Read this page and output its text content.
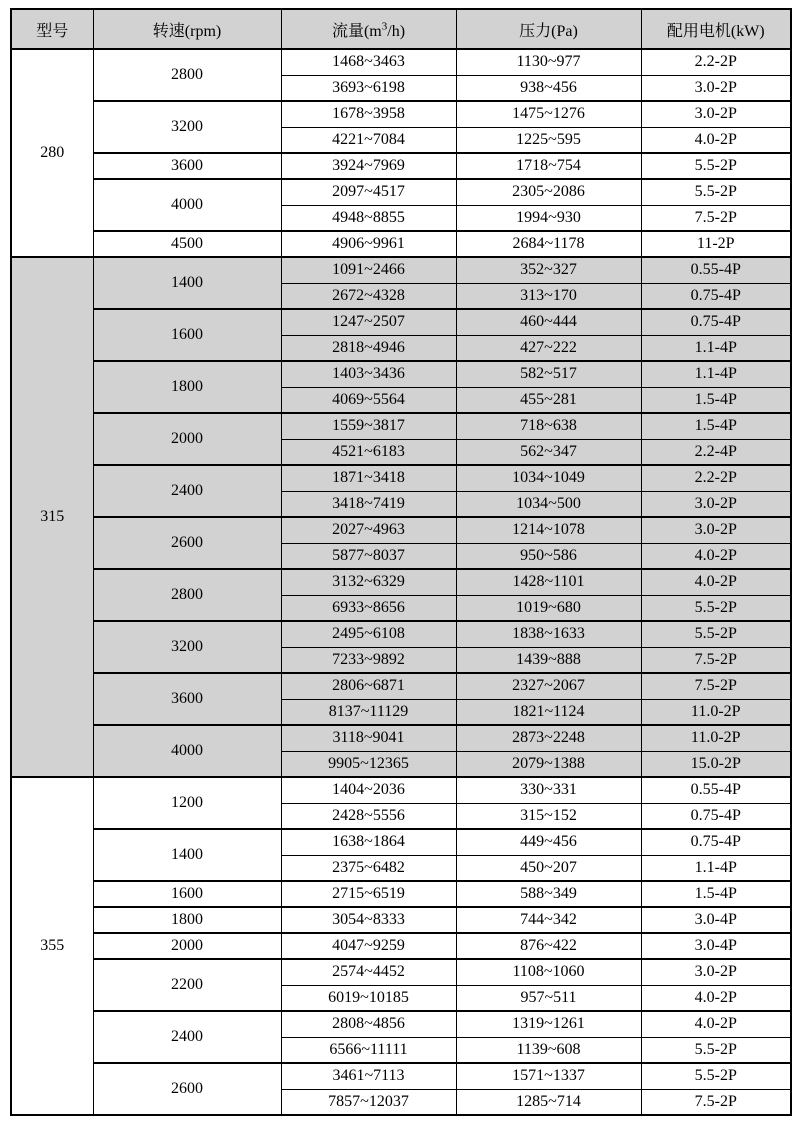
型号	转速(rpm)	流量$(m^3/h)$	压力(Pa)	配用电机(kW)
280	2800	1468~3463	1130~977	2.2-2P
		3693~6198	938~456	3.0-2P
	3200	1678~3958	1475~1276	3.0-2P
		4221~7084	1225~595	4.0-2P
	3600	3924~7969	1718~754	5.5-2P
	4000	2097~4517	2305~2086	5.5-2P
		4948~8855	1994~930	7.5-2P
	4500	4906~9961	2684~1178	11-2P
315	1400	1091~2466	352~327	0.55-4P
		2672~4328	313~170	0.75-4P
	1600	1247~2507	460~444	0.75-4P
		2818~4946	427~222	1.1-4P
	1800	1403~3436	582~517	1.1-4P
		4069~5564	455~281	1.5-4P
	2000	1559~3817	718~638	1.5-4P
		4521~6183	562~347	2.2-4P
	2400	1871~3418	1034~1049	2.2-2P
		3418~7419	1034~500	3.0-2P
	2600	2027~4963	1214~1078	3.0-2P
		5877~8037	950~586	4.0-2P
	2800	3132~6329	1428~1101	4.0-2P
		6933~8656	1019~680	5.5-2P
	3200	2495~6108	1838~1633	5.5-2P
		7233~9892	1439~888	7.5-2P
	3600	2806~6871	2327~2067	7.5-2P
		8137~11129	1821~1124	11.0-2P
	4000	3118~9041	2873~2248	11.0-2P
		9905~12365	2079~1388	15.0-2P
355	1200	1404~2036	330~331	0.55-4P
		2428~5556	315~152	0.75-4P
	1400	1638~1864	449~456	0.75-4P
		2375~6482	450~207	1.1-4P
	1600	2715~6519	588~349	1.5-4P
	1800	3054~8333	744~342	3.0-4P
	2000	4047~9259	876~422	3.0-4P
	2200	2574~4452	1108~1060	3.0-2P
		6019~10185	957~511	4.0-2P
	2400	2808~4856	1319~1261	4.0-2P
		6566~11111	1139~608	5.5-2P
	2600	3461~7113	1571~1337	5.5-2P
		7857~12037	1285~714	7.5-2P
